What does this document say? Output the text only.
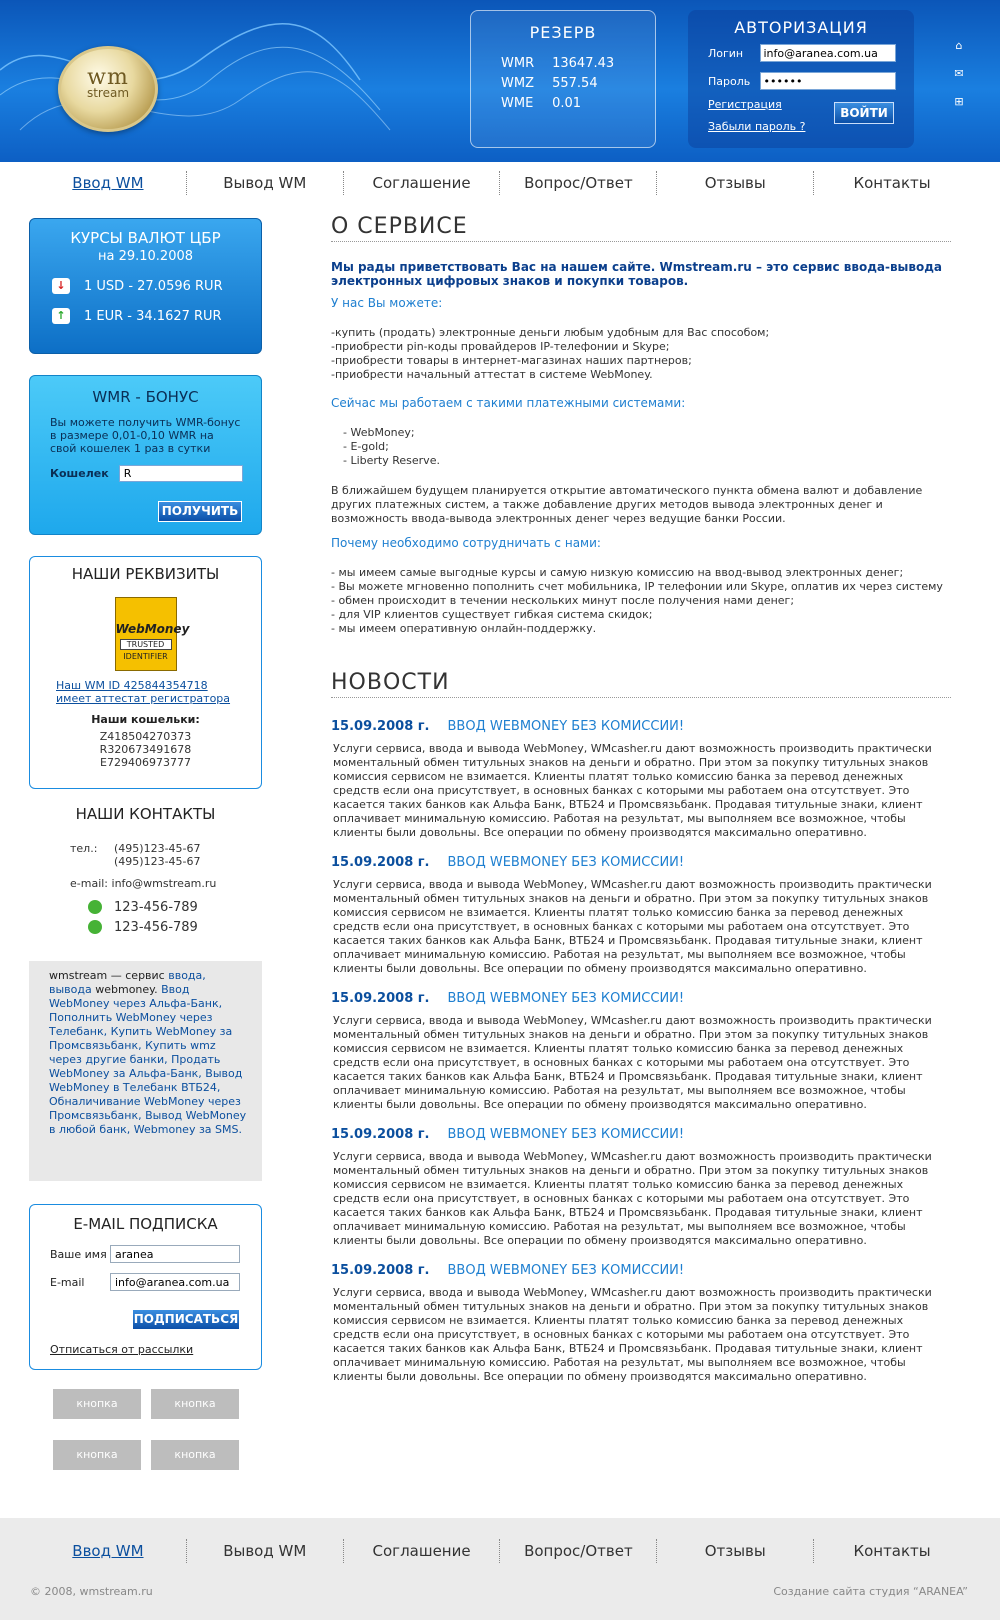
wm
stream
РЕЗЕРВ
WMR	13647.43
WMZ	557.54
WME	0.01
АВТОРИЗАЦИЯ
Логин info@aranea.com.ua
Пароль
Регистрация
Забыли пароль ?
ВОЙТИ
⌂
✉
⊞
Ввод WM	Вывод WM	Соглашение	Вопрос/Ответ	Отзывы	Контакты
КУРСЫ ВАЛЮТ ЦБР
на 29.10.2008
↓	1 USD - 27.0596 RUR
↑	1 EUR - 34.1627 RUR
WMR - БОНУС

Вы можете получить WMR-бонус в размере 0,01-0,10 WMR на свой кошелек 1 раз в сутки

Кошелек
R
ПОЛУЧИТЬ
НАШИ РЕКВИЗИТЫ
WebMoney
TRUSTED
IDENTIFIER
Наш WM ID 425844354718
имеет аттестат регистратора
Наши кошельки:
Z418504270373
R320673491678
E729406973777
НАШИ КОНТАКТЫ
тел.: (495)123-45-67
(495)123-45-67
e-mail: info@wmstream.ru
123-456-789
123-456-789
wmstream — сервис ввода, вывода webmoney. Ввод WebMoney через Альфа-Банк, Пополнить WebMoney через Телебанк, Купить WebMoney за Промсвязьбанк, Купить wmz через другие банки, Продать WebMoney за Альфа-Банк, Вывод WebMoney в Телебанк ВТБ24, Обналичивание WebMoney через Промсвязьбанк, Вывод WebMoney в любой банк, Webmoney за SMS.
E-MAIL ПОДПИСКА
Ваше имя
aranea
E-mail
info@aranea.com.ua
ПОДПИСАТЬСЯ
Отписаться от рассылки
кнопка	кнопка
кнопка	кнопка
О СЕРВИСЕ
Мы рады приветствовать Вас на нашем сайте. Wmstream.ru – это сервис ввода-вывода электронных цифровых знаков и покупки товаров.
У нас Вы можете:
-купить (продать) электронные деньги любым удобным для Вас способом;
-приобрести pin-коды провайдеров IP-телефонии и Skype;
-приобрести товары в интернет-магазинах наших партнеров;
-приобрести начальный аттестат в системе WebMoney.
Сейчас мы работаем с такими платежными системами:
- WebMoney;
- E-gold;
- Liberty Reserve.
В ближайшем будущем планируется открытие автоматического пункта обмена валют и добавление других платежных систем, а также добавление других методов вывода электронных денег и возможность ввода-вывода электронных денег через ведущие банки России.
Почему необходимо сотрудничать с нами:
- мы имеем самые выгодные курсы и самую низкую комиссию на ввод-вывод электронных денег;
- Вы можете мгновенно пополнить счет мобильника, IP телефонии или Skype, оплатив их через систему
- обмен происходит в течении нескольких минут после получения нами денег;
- для VIP клиентов существует гибкая система скидок;
- мы имеем оперативную онлайн-поддержку.
НОВОСТИ
15.09.2008 г. ВВОД WEBMONEY БЕЗ КОМИССИИ!
Услуги сервиса, ввода и вывода WebMoney, WMcasher.ru дают возможность производить практически моментальный обмен титульных знаков на деньги и обратно. При этом за покупку титульных знаков комиссия сервисом не взимается. Клиенты платят только комиссию банка за перевод денежных средств если она присутствует, в основных банках с которыми мы работаем она отсутствует. Это касается таких банков как Альфа Банк, ВТБ24 и Промсвязьбанк. Продавая титульные знаки, клиент оплачивает минимальную комиссию. Работая на результат, мы выполняем все возможное, чтобы клиенты были довольны. Все операции по обмену производятся максимально оперативно.
15.09.2008 г. ВВОД WEBMONEY БЕЗ КОМИССИИ!
Услуги сервиса, ввода и вывода WebMoney, WMcasher.ru дают возможность производить практически моментальный обмен титульных знаков на деньги и обратно. При этом за покупку титульных знаков комиссия сервисом не взимается. Клиенты платят только комиссию банка за перевод денежных средств если она присутствует, в основных банках с которыми мы работаем она отсутствует. Это касается таких банков как Альфа Банк, ВТБ24 и Промсвязьбанк. Продавая титульные знаки, клиент оплачивает минимальную комиссию. Работая на результат, мы выполняем все возможное, чтобы клиенты были довольны. Все операции по обмену производятся максимально оперативно.
15.09.2008 г. ВВОД WEBMONEY БЕЗ КОМИССИИ!
Услуги сервиса, ввода и вывода WebMoney, WMcasher.ru дают возможность производить практически моментальный обмен титульных знаков на деньги и обратно. При этом за покупку титульных знаков комиссия сервисом не взимается. Клиенты платят только комиссию банка за перевод денежных средств если она присутствует, в основных банках с которыми мы работаем она отсутствует. Это касается таких банков как Альфа Банк, ВТБ24 и Промсвязьбанк. Продавая титульные знаки, клиент оплачивает минимальную комиссию. Работая на результат, мы выполняем все возможное, чтобы клиенты были довольны. Все операции по обмену производятся максимально оперативно.
15.09.2008 г. ВВОД WEBMONEY БЕЗ КОМИССИИ!
Услуги сервиса, ввода и вывода WebMoney, WMcasher.ru дают возможность производить практически моментальный обмен титульных знаков на деньги и обратно. При этом за покупку титульных знаков комиссия сервисом не взимается. Клиенты платят только комиссию банка за перевод денежных средств если она присутствует, в основных банках с которыми мы работаем она отсутствует. Это касается таких банков как Альфа Банк, ВТБ24 и Промсвязьбанк. Продавая титульные знаки, клиент оплачивает минимальную комиссию. Работая на результат, мы выполняем все возможное, чтобы клиенты были довольны. Все операции по обмену производятся максимально оперативно.
15.09.2008 г. ВВОД WEBMONEY БЕЗ КОМИССИИ!
Услуги сервиса, ввода и вывода WebMoney, WMcasher.ru дают возможность производить практически моментальный обмен титульных знаков на деньги и обратно. При этом за покупку титульных знаков комиссия сервисом не взимается. Клиенты платят только комиссию банка за перевод денежных средств если она присутствует, в основных банках с которыми мы работаем она отсутствует. Это касается таких банков как Альфа Банк, ВТБ24 и Промсвязьбанк. Продавая титульные знаки, клиент оплачивает минимальную комиссию. Работая на результат, мы выполняем все возможное, чтобы клиенты были довольны. Все операции по обмену производятся максимально оперативно.
Ввод WM	Вывод WM	Соглашение	Вопрос/Ответ	Отзывы	Контакты
© 2008, wmstream.ru	Создание сайта студия “ARANEA”
